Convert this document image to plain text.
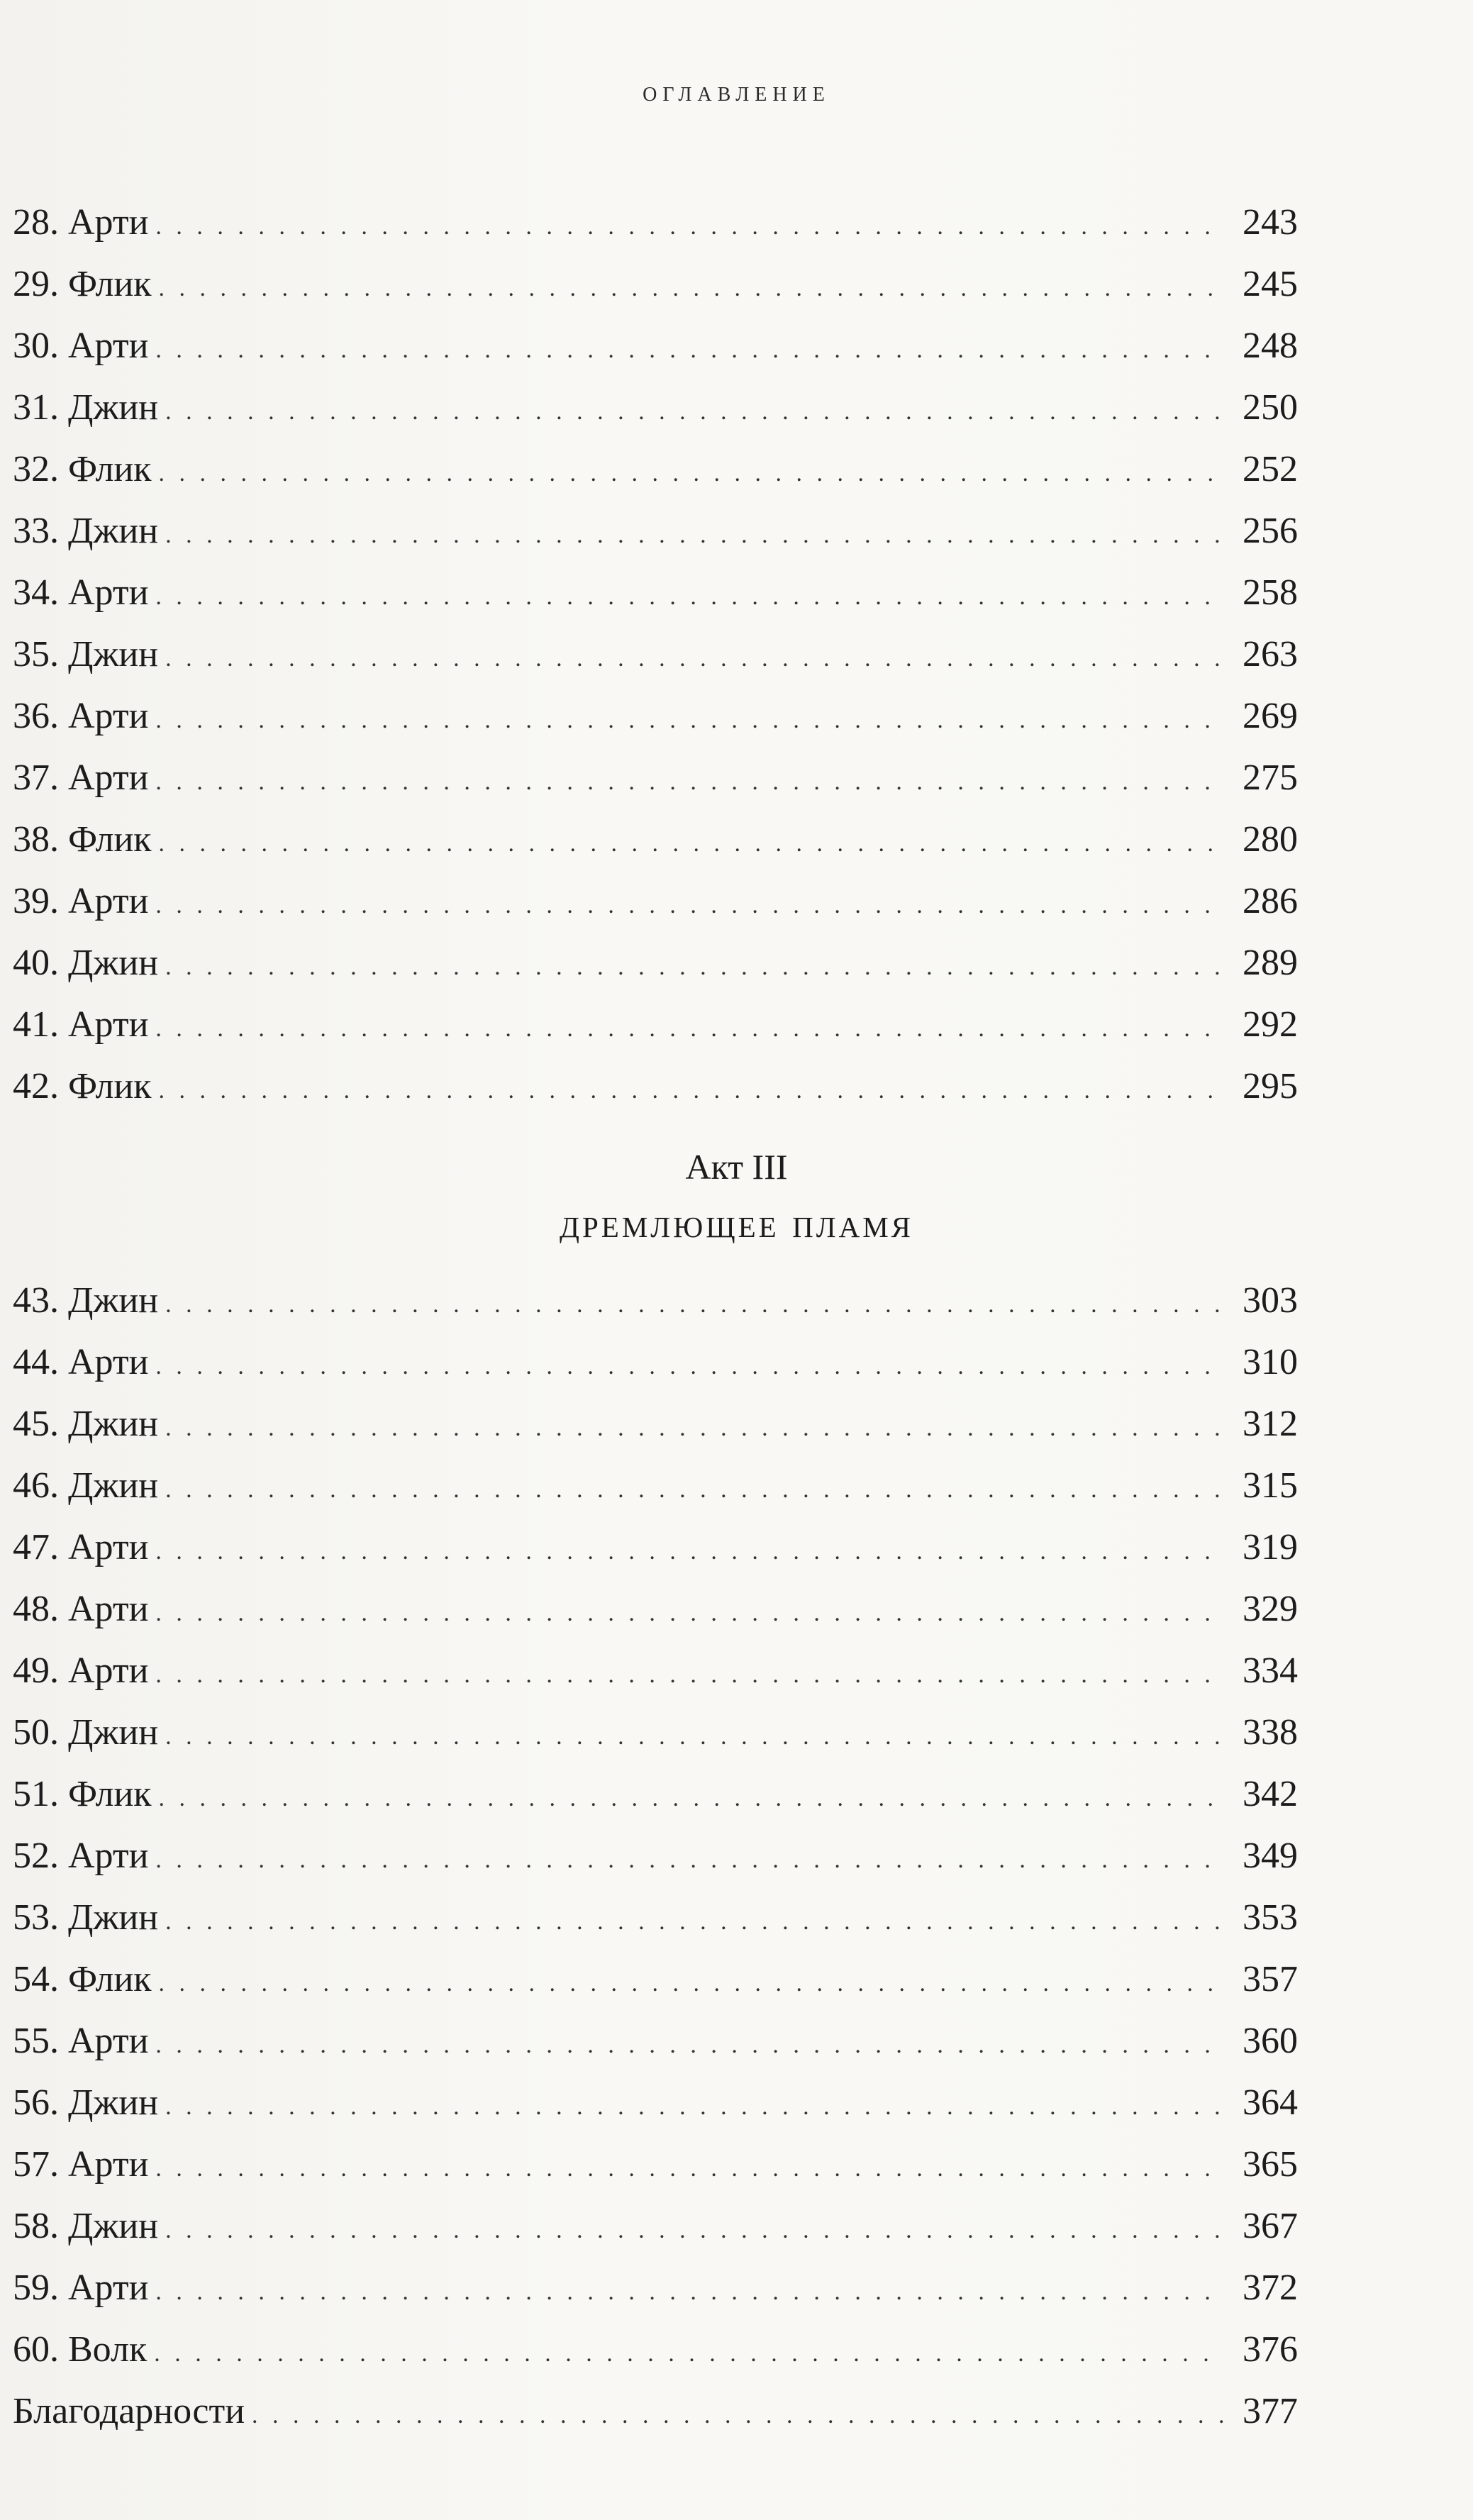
оглавление
28. Арти . . .	243
29. Флик . . .	245
30. Арти . . .	248
31. Джин . . .	250
32. Флик . . .	252
33. Джин . . .	256
34. Арти . . .	258
35. Джин . . .	263
36. Арти . . .	269
37. Арти . . .	275
38. Флик . . .	280
39. Арти . . .	286
40. Джин . . .	289
41. Арти . . .	292
42. Флик . . .	295
Акт III
дремлющее пламя
43. Джин . . .	303
44. Арти . . .	310
45. Джин . . .	312
46. Джин . . .	315
47. Арти . . .	319
48. Арти . . .	329
49. Арти . . .	334
50. Джин . . .	338
51. Флик . . .	342
52. Арти . . .	349
53. Джин . . .	353
54. Флик . . .	357
55. Арти . . .	360
56. Джин . . .	364
57. Арти . . .	365
58. Джин . . .	367
59. Арти . . .	372
60. Волк . . .	376
Благодарности . . .	377
